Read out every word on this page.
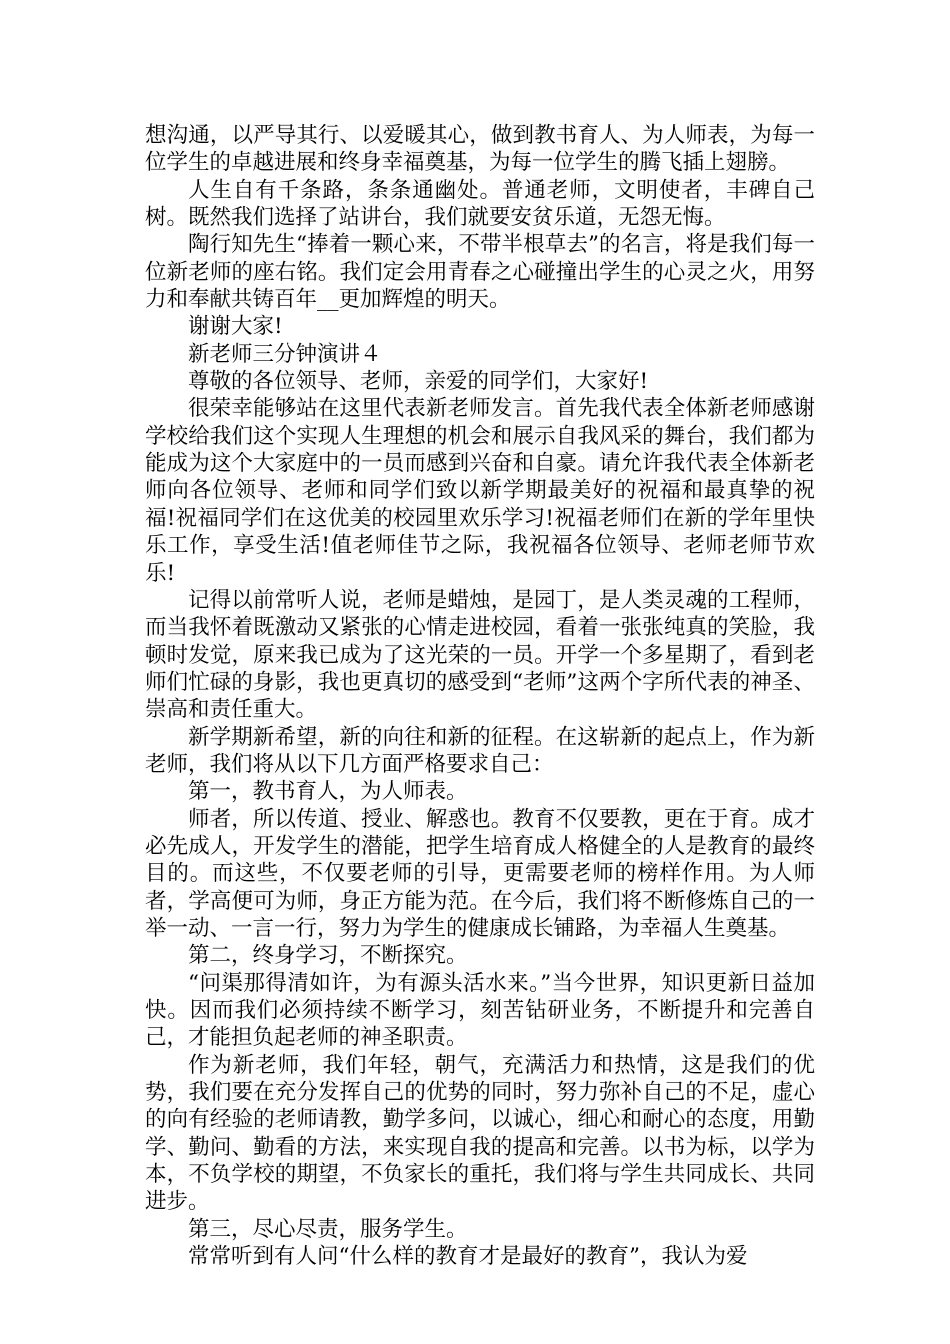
想沟通，以严导其行、以爱暖其心，做到教书育人、为人师表，为每一位学生的卓越进展和终身幸福奠基，为每一位学生的腾飞插上翅膀。

人生自有千条路，条条通幽处。普通老师，文明使者，丰碑自己树。既然我们选择了站讲台，我们就要安贫乐道，无怨无悔。

陶行知先生“捧着一颗心来，不带半根草去”的名言，将是我们每一位新老师的座右铭。我们定会用青春之心碰撞出学生的心灵之火，用努力和奉献共铸百年__更加辉煌的明天。

谢谢大家!

新老师三分钟演讲４

尊敬的各位领导、老师，亲爱的同学们，大家好!

很荣幸能够站在这里代表新老师发言。首先我代表全体新老师感谢学校给我们这个实现人生理想的机会和展示自我风采的舞台，我们都为能成为这个大家庭中的一员而感到兴奋和自豪。请允许我代表全体新老师向各位领导、老师和同学们致以新学期最美好的祝福和最真挚的祝福!祝福同学们在这优美的校园里欢乐学习!祝福老师们在新的学年里快乐工作，享受生活!值老师佳节之际，我祝福各位领导、老师老师节欢乐!

记得以前常听人说，老师是蜡烛，是园丁，是人类灵魂的工程师，而当我怀着既激动又紧张的心情走进校园，看着一张张纯真的笑脸，我顿时发觉，原来我已成为了这光荣的一员。开学一个多星期了，看到老师们忙碌的身影，我也更真切的感受到“老师”这两个字所代表的神圣、崇高和责任重大。

新学期新希望，新的向往和新的征程。在这崭新的起点上，作为新老师，我们将从以下几方面严格要求自己：

第一，教书育人，为人师表。

师者，所以传道、授业、解惑也。教育不仅要教，更在于育。成才必先成人，开发学生的潜能，把学生培育成人格健全的人是教育的最终目的。而这些，不仅要老师的引导，更需要老师的榜样作用。为人师者，学高便可为师，身正方能为范。在今后，我们将不断修炼自己的一举一动、一言一行，努力为学生的健康成长铺路，为幸福人生奠基。

第二，终身学习，不断探究。

“问渠那得清如许，为有源头活水来。”当今世界，知识更新日益加快。因而我们必须持续不断学习，刻苦钻研业务，不断提升和完善自己，才能担负起老师的神圣职责。

作为新老师，我们年轻，朝气，充满活力和热情，这是我们的优势，我们要在充分发挥自己的优势的同时，努力弥补自己的不足，虚心的向有经验的老师请教，勤学多问，以诚心，细心和耐心的态度，用勤学、勤问、勤看的方法，来实现自我的提高和完善。以书为标，以学为本，不负学校的期望，不负家长的重托，我们将与学生共同成长、共同进步。

第三，尽心尽责，服务学生。

常常听到有人问“什么样的教育才是最好的教育”，我认为爱
